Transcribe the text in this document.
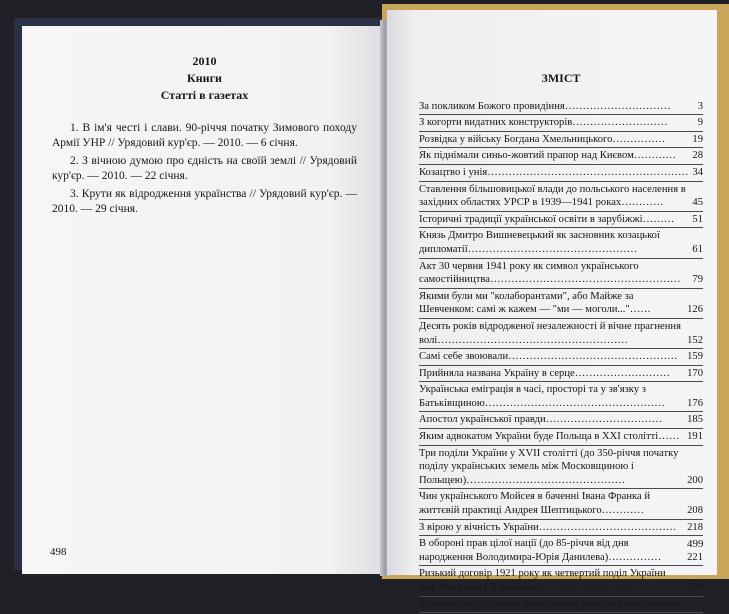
2010
Книги
Статті в газетах

1. В ім'я честі і слави. 90-річчя початку Зимового походу Армії УНР // Урядовий кур'єр. — 2010. — 6 січня.

2. З вічною думою про єдність на своїй землі // Урядовий кур'єр. — 2010. — 22 січня.

3. Крути як відродження українства // Урядовий кур'єр. — 2010. — 29 січня.

498
ЗМІСТ
За покликом Божого провидіння…………………………	3
З когорти видатних конструкторів………………………	9
Розвідка у війську Богдана Хмельницького……………	19
Як піднімали синьо-жовтий прапор над Києвом…………	28
Козацтво і унія………………………………………………… 34
Ставлення більшовицької влади до польського населення в західних областях УРСР в 1939—1941 роках…………	45
Історичні традиції української освіти в зарубіжжі………	51
Князь Дмитро Вишневецький як засновник козацької дипломатії…………………………………………	61
Акт 30 червня 1941 року як символ українського самостійництва………………………………………………	79
Якими були ми "колаборантами", або Майже за Шевченком: самі ж кажем — "ми — моголи..."……	126
Десять років відродженої незалежності й вічне прагнення волі………………………………………………	152
Самі себе звоювали………………………………………… 159
Прийняла названа Україну в серце………………………	170
Українська еміграція в часі, просторі та у зв'язку з Батьківщиною……………………………………………	176
Апостол української правди……………………………	185
Яким адвокатом України буде Польща в XXI столітті…… 191
Три поділи України у XVII столітті (до 350-річчя початку поділу українських земель між Московщиною і Польщею)………………………………………	200
Чин українського Мойсея в баченні Івана Франка й життєвій практиці Андрея Шептицького…………	208
З вірою у вічність України…………………………………	218
В обороні прав цілої нації (до 85-річчя від дня народження Володимира-Юрія Данилева)……………	221
Ризький договір 1921 року як четвертий поділ України між Москвою і Варшавою…………………………	228
Розвиток українського визвольного руху на Берестейщині
499
